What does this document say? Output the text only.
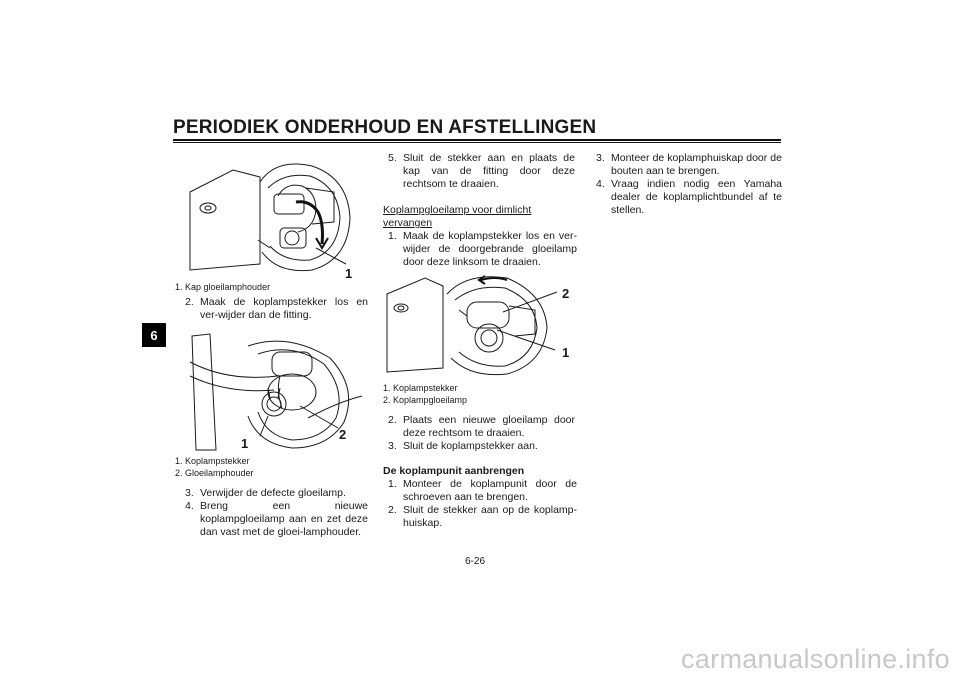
PERIODIEK ONDERHOUD EN AFSTELLINGEN
6
1
1. Kap gloeilamphouder
2. Maak de koplampstekker los en ver-wijder dan de fitting.
1
2
1. Koplampstekker
2. Gloeilamphouder
3. Verwijder de defecte gloeilamp.
4. Breng een nieuwe koplampgloeilamp aan en zet deze dan vast met de gloei-lamphouder.
5. Sluit de stekker aan en plaats de kap van de fitting door deze rechtsom te draaien.
Koplampgloeilamp voor dimlicht vervangen
1. Maak de koplampstekker los en ver-wijder de doorgebrande gloeilamp door deze linksom te draaien.
2
1
1. Koplampstekker
2. Koplampgloeilamp
2. Plaats een nieuwe gloeilamp door deze rechtsom te draaien.
3. Sluit de koplampstekker aan.
De koplampunit aanbrengen
1. Monteer de koplampunit door de schroeven aan te brengen.
2. Sluit de stekker aan op de koplamp-huiskap.
3. Monteer de koplamphuiskap door de bouten aan te brengen.
4. Vraag indien nodig een Yamaha dealer de koplamplichtbundel af te stellen.
6-26
carmanualsonline.info
